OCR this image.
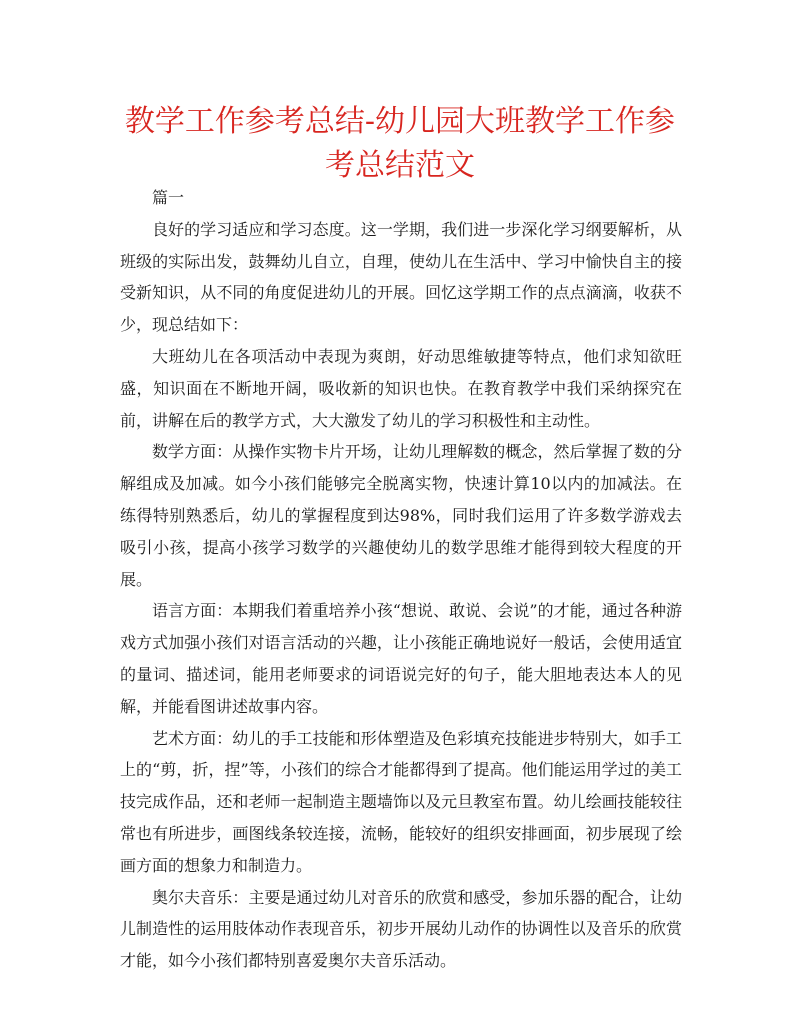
教学工作参考总结-幼儿园大班教学工作参考总结范文

篇一

良好的学习适应和学习态度。这一学期，我们进一步深化学习纲要解析，从班级的实际出发，鼓舞幼儿自立，自理，使幼儿在生活中、学习中愉快自主的接受新知识，从不同的角度促进幼儿的开展。回忆这学期工作的点点滴滴，收获不少，现总结如下：

大班幼儿在各项活动中表现为爽朗，好动思维敏捷等特点，他们求知欲旺盛，知识面在不断地开阔，吸收新的知识也快。在教育教学中我们采纳探究在前，讲解在后的教学方式，大大激发了幼儿的学习积极性和主动性。

数学方面：从操作实物卡片开场，让幼儿理解数的概念，然后掌握了数的分解组成及加减。如今小孩们能够完全脱离实物，快速计算10以内的加减法。在练得特别熟悉后，幼儿的掌握程度到达98%，同时我们运用了许多数学游戏去吸引小孩，提高小孩学习数学的兴趣使幼儿的数学思维才能得到较大程度的开展。

语言方面：本期我们着重培养小孩“想说、敢说、会说”的才能，通过各种游戏方式加强小孩们对语言活动的兴趣，让小孩能正确地说好一般话，会使用适宜的量词、描述词，能用老师要求的词语说完好的句子，能大胆地表达本人的见解，并能看图讲述故事内容。

艺术方面：幼儿的手工技能和形体塑造及色彩填充技能进步特别大，如手工上的“剪，折，捏”等，小孩们的综合才能都得到了提高。他们能运用学过的美工技完成作品，还和老师一起制造主题墙饰以及元旦教室布置。幼儿绘画技能较往常也有所进步，画图线条较连接，流畅，能较好的组织安排画面，初步展现了绘画方面的想象力和制造力。

奥尔夫音乐：主要是通过幼儿对音乐的欣赏和感受，参加乐器的配合，让幼儿制造性的运用肢体动作表现音乐，初步开展幼儿动作的协调性以及音乐的欣赏才能，如今小孩们都特别喜爱奥尔夫音乐活动。
